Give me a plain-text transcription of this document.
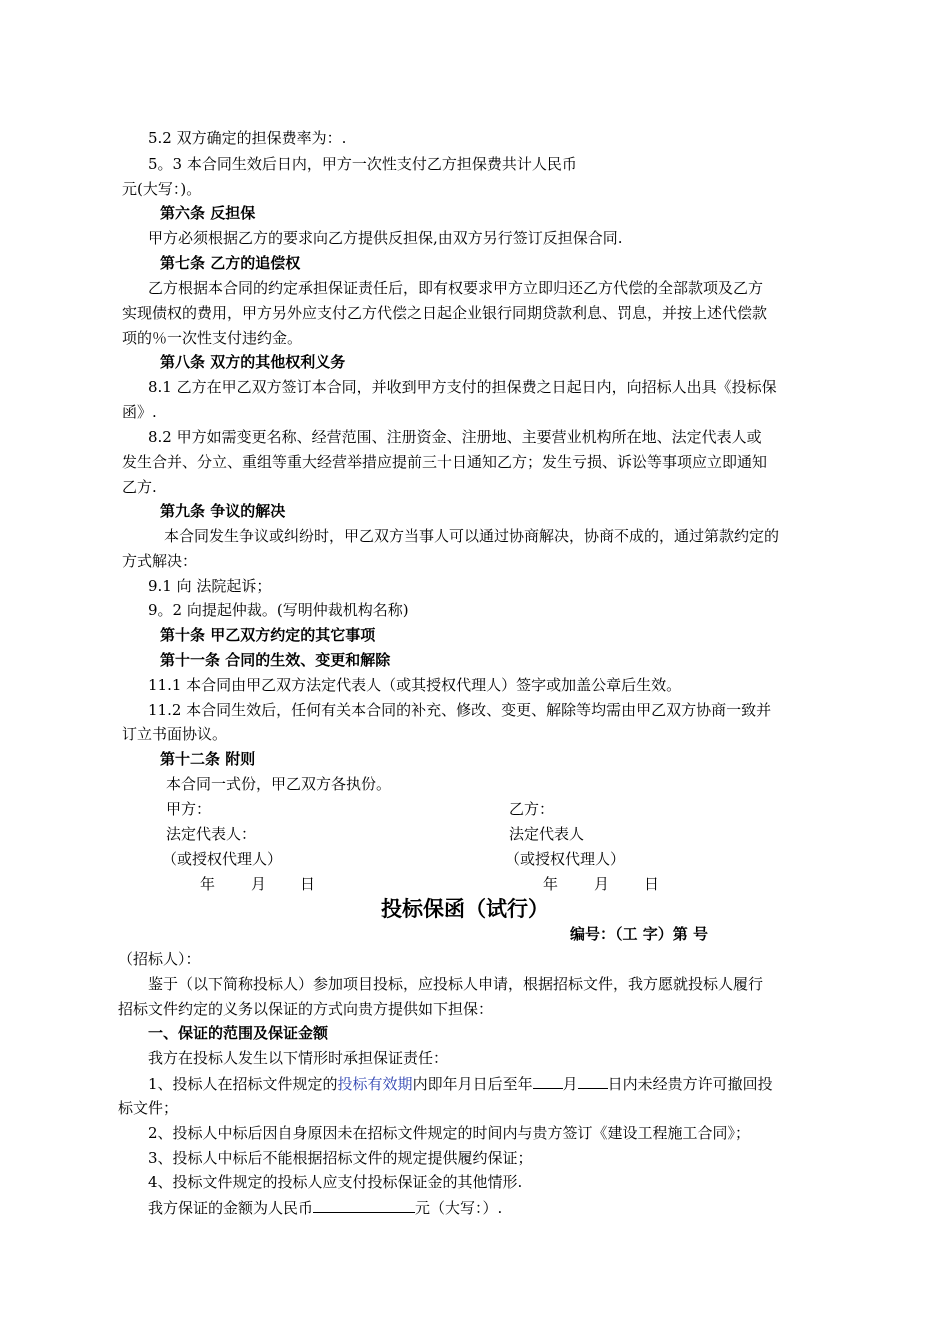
5.2 双方确定的担保费率为：.
5。3 本合同生效后日内，甲方一次性支付乙方担保费共计人民币
元(大写：)。
第六条 反担保
甲方必须根据乙方的要求向乙方提供反担保,由双方另行签订反担保合同.
第七条 乙方的追偿权
乙方根据本合同的约定承担保证责任后，即有权要求甲方立即归还乙方代偿的全部款项及乙方
实现债权的费用，甲方另外应支付乙方代偿之日起企业银行同期贷款利息、罚息，并按上述代偿款
项的％一次性支付违约金。
第八条 双方的其他权利义务
8.1 乙方在甲乙双方签订本合同，并收到甲方支付的担保费之日起日内，向招标人出具《投标保
函》.
8.2 甲方如需变更名称、经营范围、注册资金、注册地、主要营业机构所在地、法定代表人或
发生合并、分立、重组等重大经营举措应提前三十日通知乙方；发生亏损、诉讼等事项应立即通知
乙方.
第九条 争议的解决
本合同发生争议或纠纷时，甲乙双方当事人可以通过协商解决，协商不成的，通过第款约定的
方式解决：
9.1 向 法院起诉；
9。2 向提起仲裁。(写明仲裁机构名称)
第十条 甲乙双方约定的其它事项
第十一条 合同的生效、变更和解除
11.1 本合同由甲乙双方法定代表人（或其授权代理人）签字或加盖公章后生效。
11.2 本合同生效后，任何有关本合同的补充、修改、变更、解除等均需由甲乙双方协商一致并
订立书面协议。
第十二条 附则
本合同一式份，甲乙双方各执份。
甲方：	乙方：
法定代表人：	法定代表人
（或授权代理人）	（或授权代理人）
年 月 日	年 月 日
投标保函（试行）
编号：（工 字）第 号
（招标人）：
鉴于（以下简称投标人）参加项目投标，应投标人申请，根据招标文件，我方愿就投标人履行
招标文件约定的义务以保证的方式向贵方提供如下担保：
一、保证的范围及保证金额
我方在投标人发生以下情形时承担保证责任：
1、投标人在招标文件规定的投标有效期内即年月日后至年 月 日内未经贵方许可撤回投
标文件；
2、投标人中标后因自身原因未在招标文件规定的时间内与贵方签订《建设工程施工合同》；
3、投标人中标后不能根据招标文件的规定提供履约保证；
4、投标文件规定的投标人应支付投标保证金的其他情形.
我方保证的金额为人民币	元（大写：）.
